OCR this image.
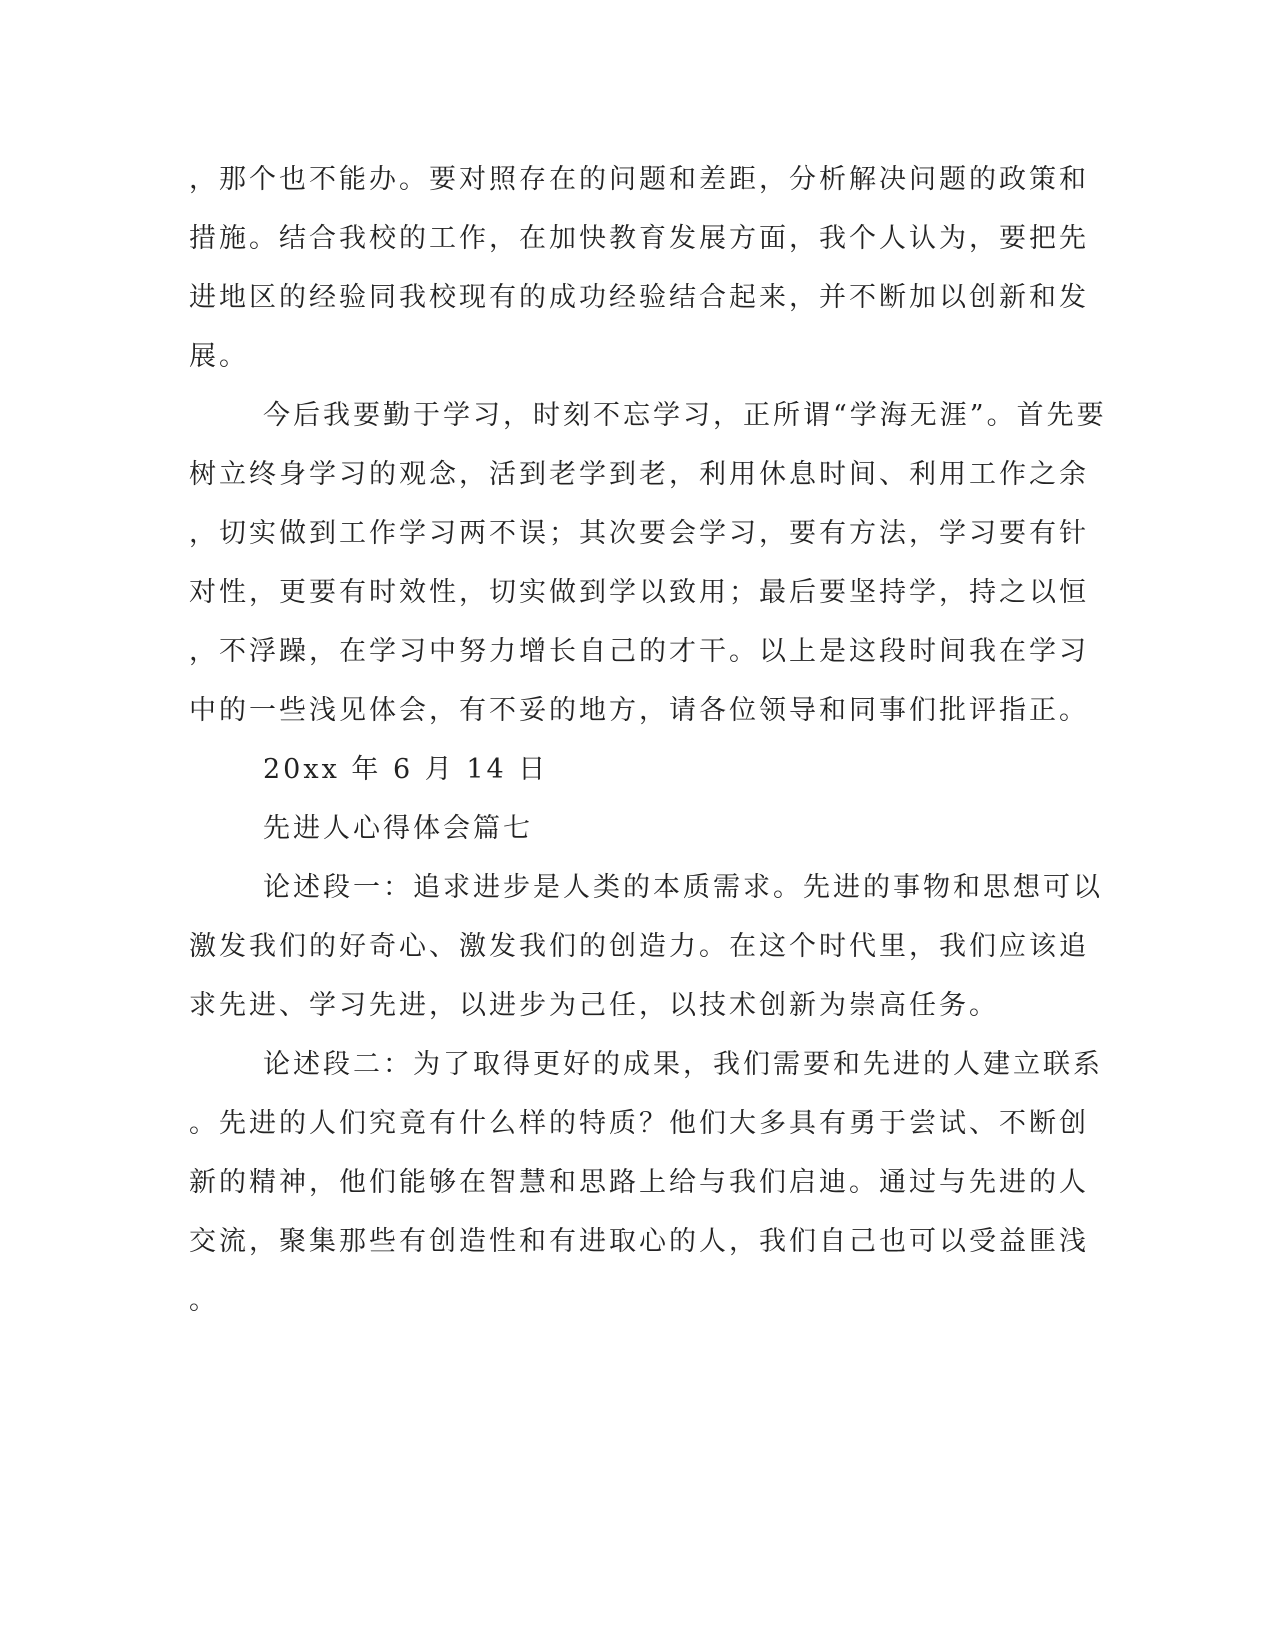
，那个也不能办。要对照存在的问题和差距，分析解决问题的政策和
措施。结合我校的工作，在加快教育发展方面，我个人认为，要把先
进地区的经验同我校现有的成功经验结合起来，并不断加以创新和发
展。
今后我要勤于学习，时刻不忘学习，正所谓“学海无涯”。首先要
树立终身学习的观念，活到老学到老，利用休息时间、利用工作之余
，切实做到工作学习两不误；其次要会学习，要有方法，学习要有针
对性，更要有时效性，切实做到学以致用；最后要坚持学，持之以恒
，不浮躁，在学习中努力增长自己的才干。以上是这段时间我在学习
中的一些浅见体会，有不妥的地方，请各位领导和同事们批评指正。
20xx 年 6 月 14 日
先进人心得体会篇七
论述段一：追求进步是人类的本质需求。先进的事物和思想可以
激发我们的好奇心、激发我们的创造力。在这个时代里，我们应该追
求先进、学习先进，以进步为己任，以技术创新为崇高任务。
论述段二：为了取得更好的成果，我们需要和先进的人建立联系
。先进的人们究竟有什么样的特质？他们大多具有勇于尝试、不断创
新的精神，他们能够在智慧和思路上给与我们启迪。通过与先进的人
交流，聚集那些有创造性和有进取心的人，我们自己也可以受益匪浅
。
